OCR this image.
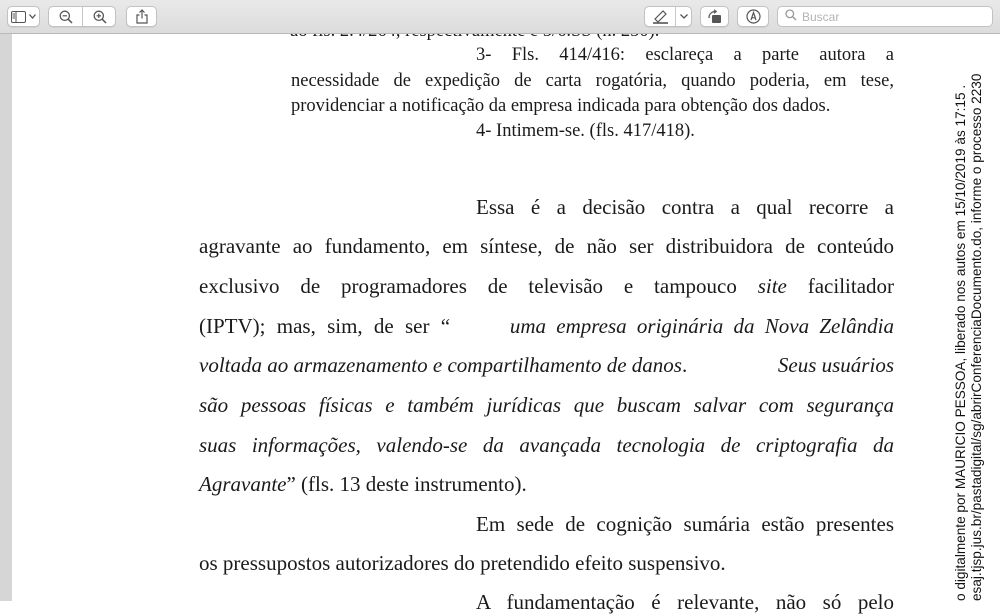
Buscar
3- Fls. 414/416: esclareça a parte autora a
necessidade de expedição de carta rogatória, quando poderia, em tese,
providenciar a notificação da empresa indicada para obtenção dos dados.
4- Intimem-se. (fls. 417/418).
Essa é a decisão contra a qual recorre a
agravante ao fundamento, em síntese, de não ser distribuidora de conteúdo
exclusivo de programadores de televisão e tampouco site facilitador
(IPTV); mas, sim, de ser “	uma empresa originária da Nova Zelândia
voltada ao armazenamento e compartilhamento de danos .	Seus usuários
são pessoas físicas e também jurídicas que buscam salvar com segurança
suas informações, valendo-se da avançada tecnologia de criptografia da
Agravante” (fls. 13 deste instrumento).
Em sede de cognição sumária estão presentes
os pressupostos autorizadores do pretendido efeito suspensivo.
A fundamentação é relevante, não só pelo
o digitalmente por MAURICIO PESSOA, liberado nos autos em 15/10/2019 às 17:15 . esaj.tjsp.jus.br/pastadigital/sg/abrirConferenciaDocumento.do, informe o processo 2230
